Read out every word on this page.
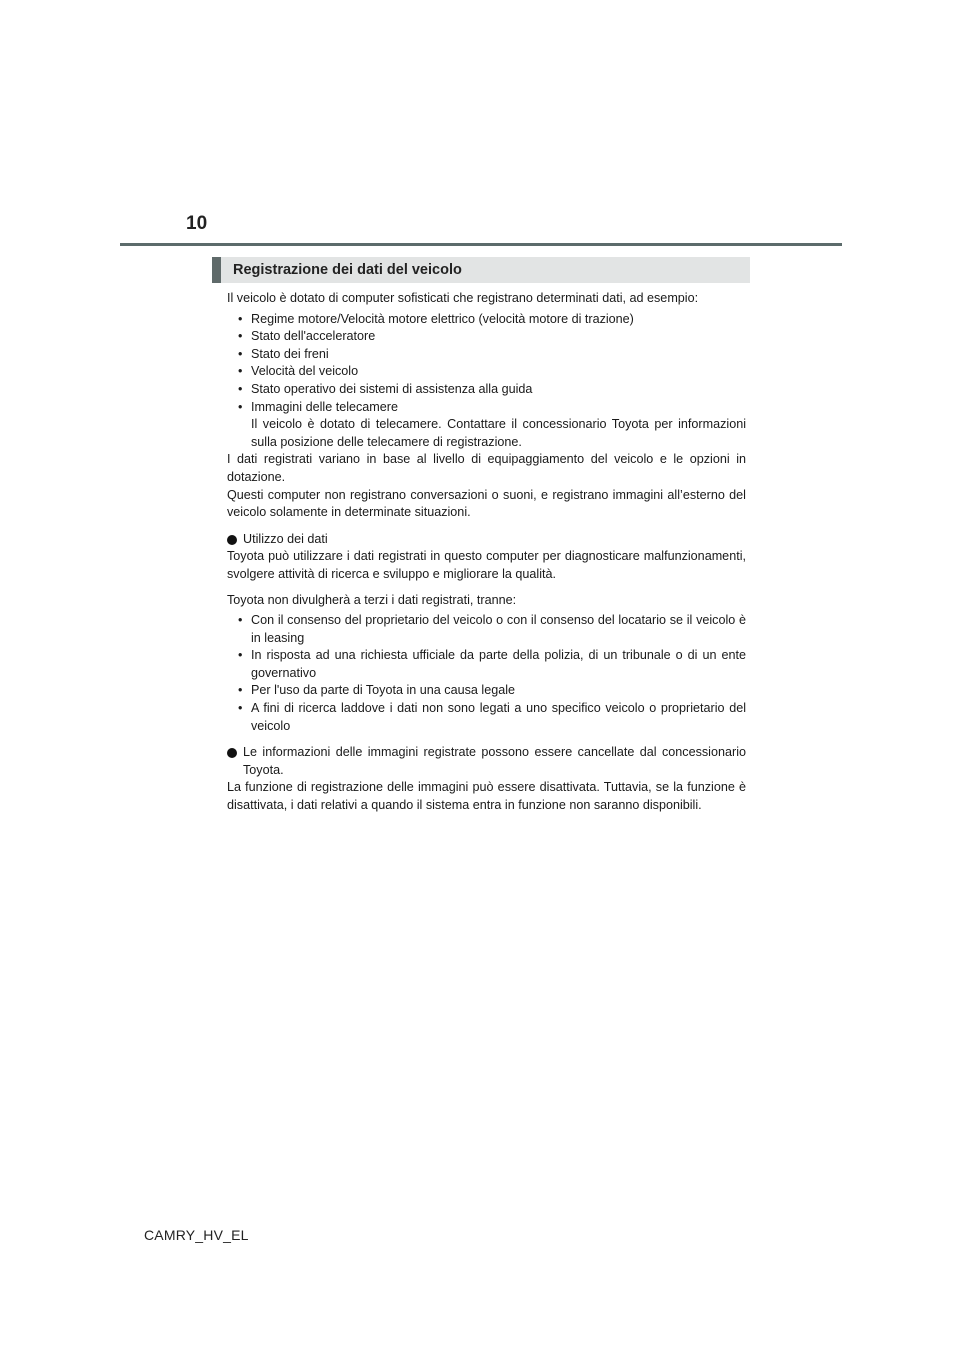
10
Registrazione dei dati del veicolo

Il veicolo è dotato di computer sofisticati che registrano determinati dati, ad esempio:

• Regime motore/Velocità motore elettrico (velocità motore di trazione)
• Stato dell'acceleratore
• Stato dei freni
• Velocità del veicolo
• Stato operativo dei sistemi di assistenza alla guida
• Immagini delle telecamere
Il veicolo è dotato di telecamere. Contattare il concessionario Toyota per informazioni sulla posizione delle telecamere di registrazione.

I dati registrati variano in base al livello di equipaggiamento del veicolo e le opzioni in dotazione.

Questi computer non registrano conversazioni o suoni, e registrano immagini all’esterno del veicolo solamente in determinate situazioni.

Utilizzo dei dati

Toyota può utilizzare i dati registrati in questo computer per diagnosticare malfunzionamenti, svolgere attività di ricerca e sviluppo e migliorare la qualità.

Toyota non divulgherà a terzi i dati registrati, tranne:

• Con il consenso del proprietario del veicolo o con il consenso del locatario se il veicolo è in leasing
• In risposta ad una richiesta ufficiale da parte della polizia, di un tribunale o di un ente governativo
• Per l'uso da parte di Toyota in una causa legale
• A fini di ricerca laddove i dati non sono legati a uno specifico veicolo o proprietario del veicolo
Le informazioni delle immagini registrate possono essere cancellate dal concessionario Toyota.

La funzione di registrazione delle immagini può essere disattivata. Tuttavia, se la funzione è disattivata, i dati relativi a quando il sistema entra in funzione non saranno disponibili.

CAMRY_HV_EL
